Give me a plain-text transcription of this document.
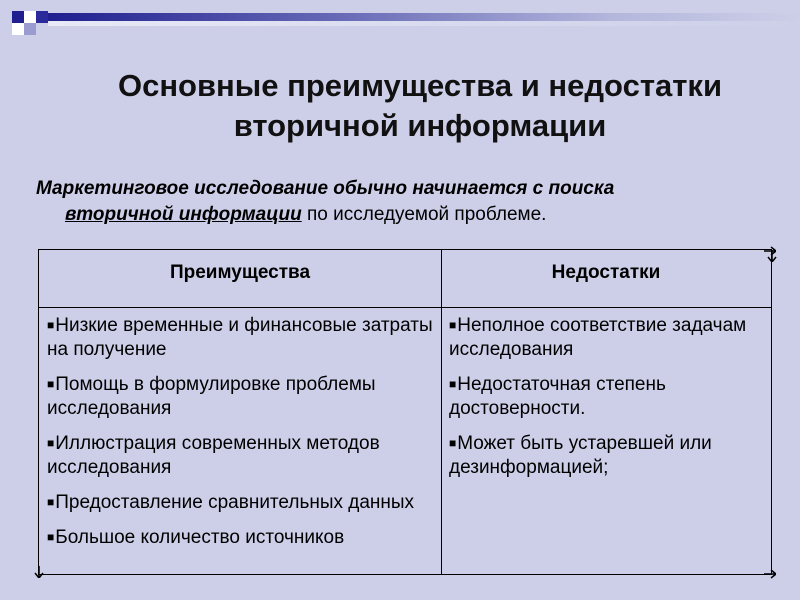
Основные преимущества и недостатки
вторичной информации
Маркетинговое исследование обычно начинается с поиска
вторичной информации по исследуемой проблеме.
Преимущества	Недостатки
■Низкие временные и финансовые затраты на получение
■Помощь в формулировке проблемы исследования
■Иллюстрация современных методов исследования
■Предоставление сравнительных данных
■Большое количество источников
■Неполное соответствие задачам исследования
■Недостаточная степень достоверности.
■Может быть устаревшей или дезинформацией;
